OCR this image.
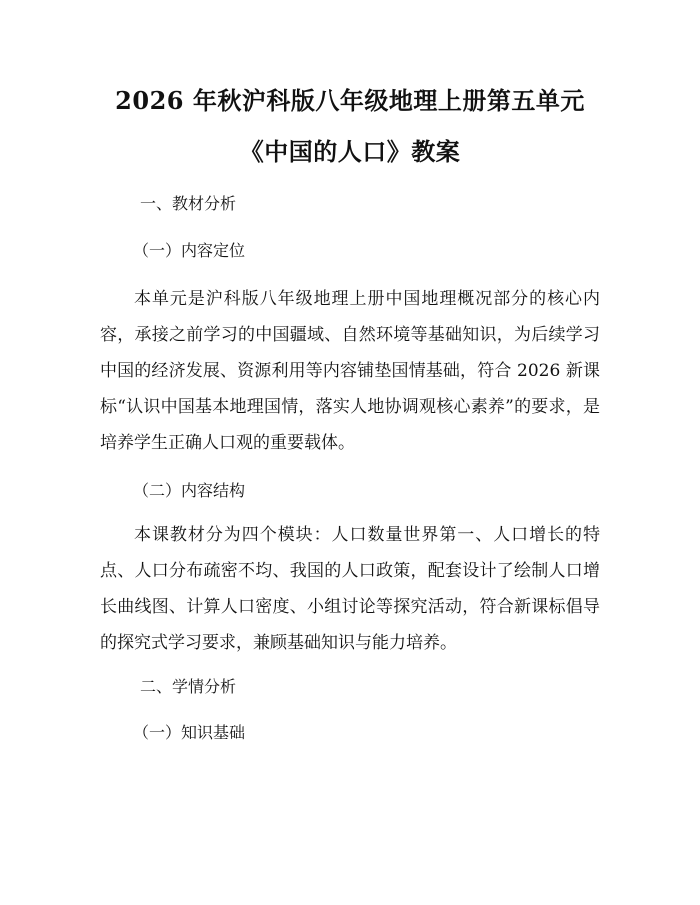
2026 年秋沪科版八年级地理上册第五单元
《中国的人口》教案
一、教材分析
（一）内容定位
本单元是沪科版八年级地理上册中国地理概况部分的核心内容，承接之前学习的中国疆域、自然环境等基础知识，为后续学习中国的经济发展、资源利用等内容铺垫国情基础，符合 2026 新课标“认识中国基本地理国情，落实人地协调观核心素养”的要求，是培养学生正确人口观的重要载体。
（二）内容结构
本课教材分为四个模块：人口数量世界第一、人口增长的特点、人口分布疏密不均、我国的人口政策，配套设计了绘制人口增长曲线图、计算人口密度、小组讨论等探究活动，符合新课标倡导的探究式学习要求，兼顾基础知识与能力培养。
二、学情分析
（一）知识基础
